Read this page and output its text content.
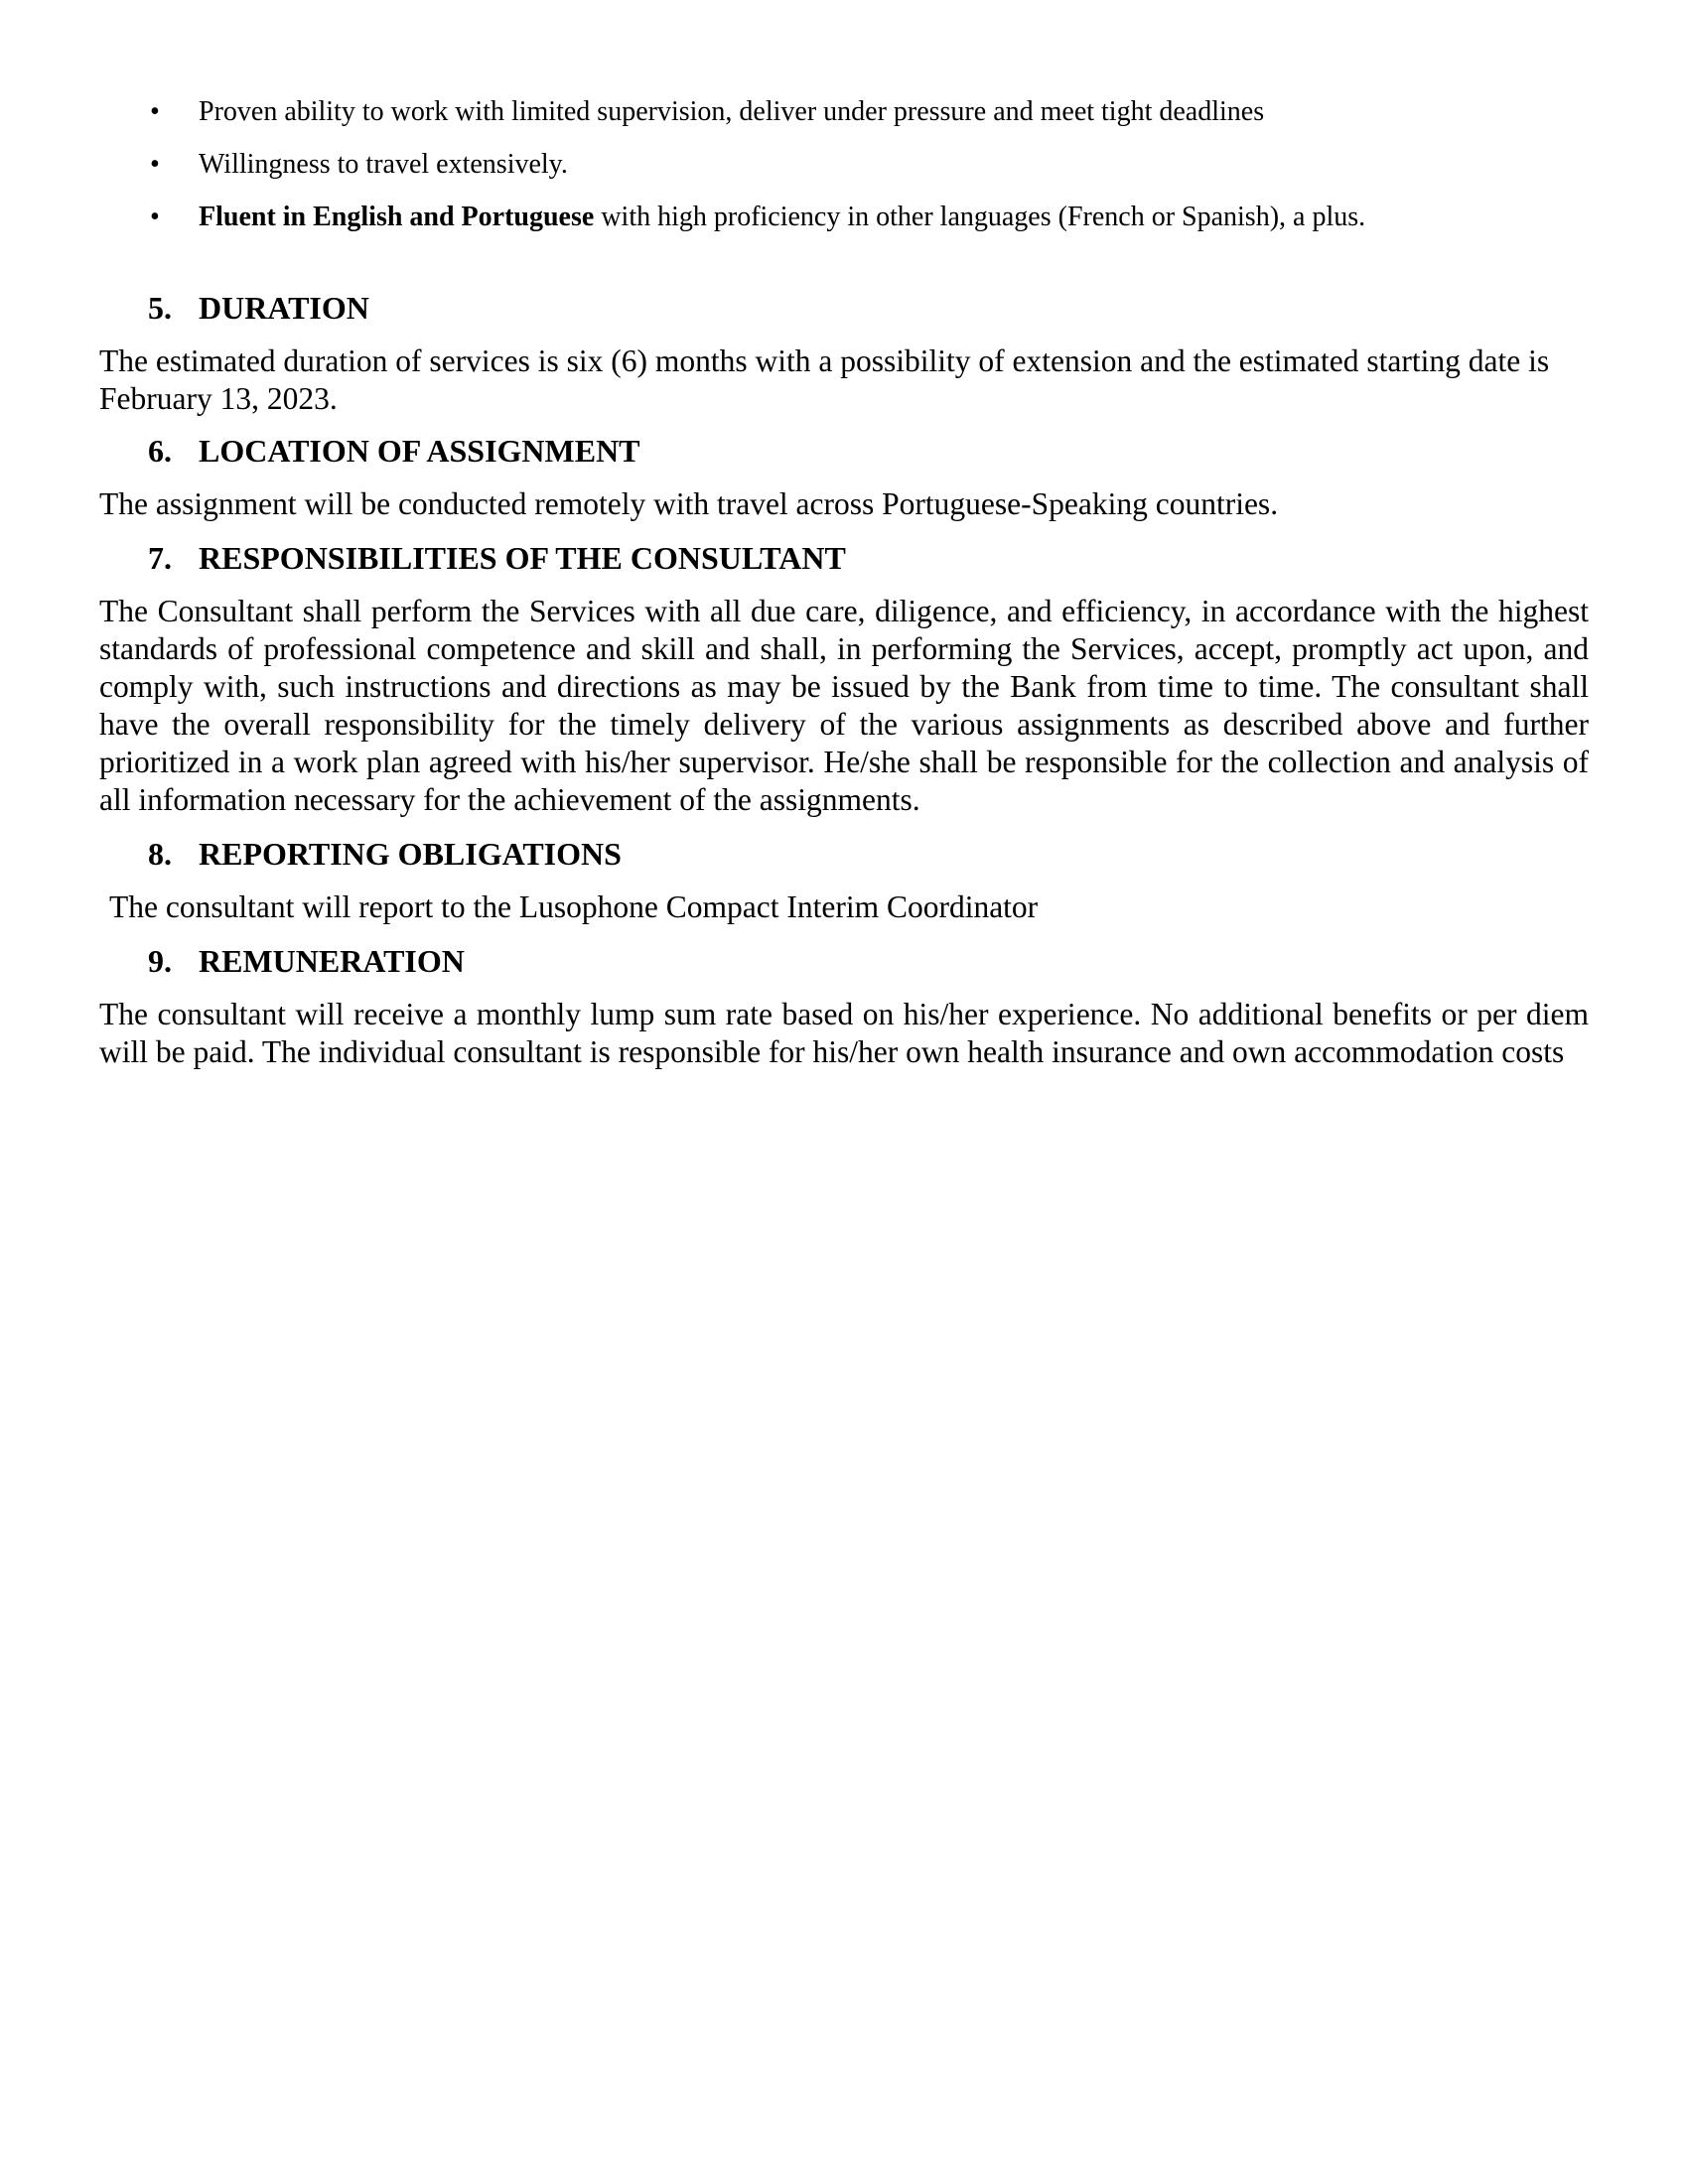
• Proven ability to work with limited supervision, deliver under pressure and meet tight deadlines
• Willingness to travel extensively.
• Fluent in English and Portuguese with high proficiency in other languages (French or Spanish), a plus.
5. DURATION

The estimated duration of services is six (6) months with a possibility of extension and the estimated starting date is February 13, 2023.

6. LOCATION OF ASSIGNMENT

The assignment will be conducted remotely with travel across Portuguese-Speaking countries.

7. RESPONSIBILITIES OF THE CONSULTANT

The Consultant shall perform the Services with all due care, diligence, and efficiency, in accordance with the highest standards of professional competence and skill and shall, in performing the Services, accept, promptly act upon, and comply with, such instructions and directions as may be issued by the Bank from time to time. The consultant shall have the overall responsibility for the timely delivery of the various assignments as described above and further prioritized in a work plan agreed with his/her supervisor. He/she shall be responsible for the collection and analysis of all information necessary for the achievement of the assignments.

8. REPORTING OBLIGATIONS

The consultant will report to the Lusophone Compact Interim Coordinator

9. REMUNERATION

The consultant will receive a monthly lump sum rate based on his/her experience. No additional benefits or per diem will be paid. The individual consultant is responsible for his/her own health insurance and own accommodation costs
